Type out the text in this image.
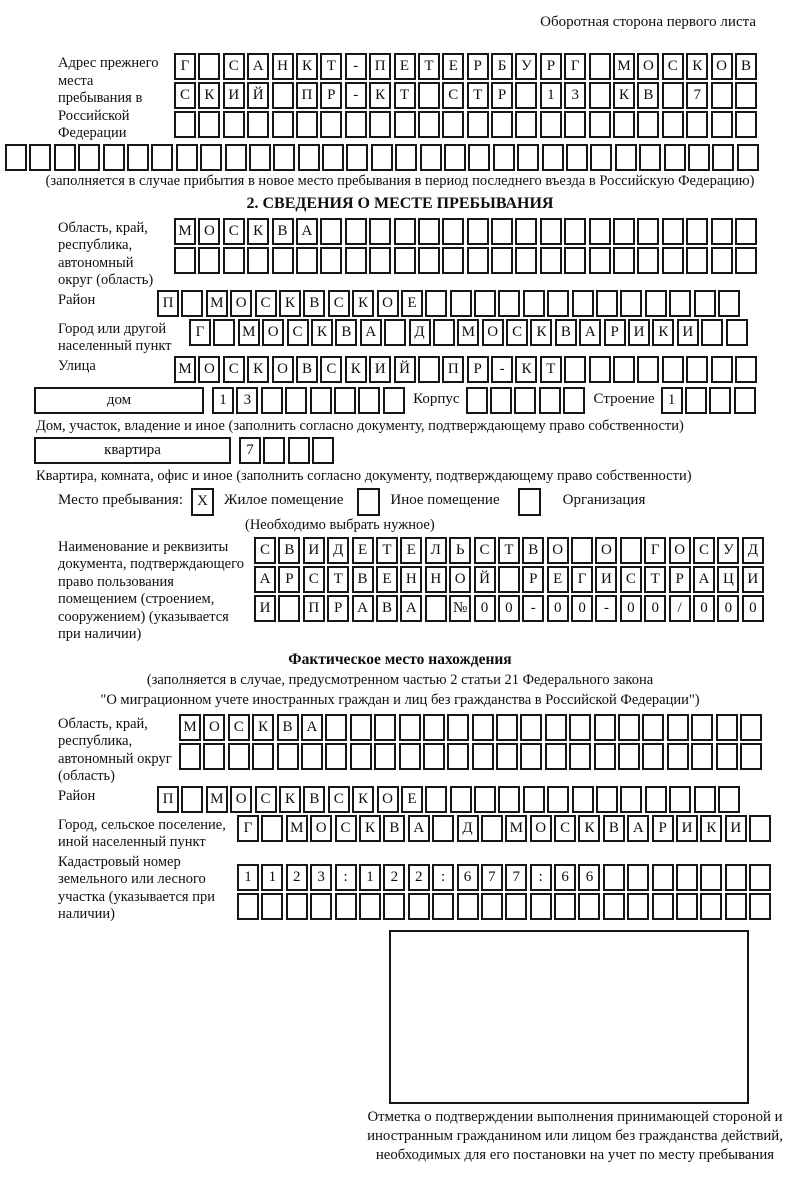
Оборотная сторона первого листа
Адрес прежнего места пребывания в Российской Федерации
Г	С А Н К Т	-	П Е	Т	Е	Р	Б У Р	Г	М О С К О В
С К И Й	П Р	-	К Т	С Т	Р	1	3	К В	7
(заполняется в случае прибытия в новое место пребывания в период последнего въезда в Российскую Федерацию)
2. СВЕДЕНИЯ О МЕСТЕ ПРЕБЫВАНИЯ
Область, край, республика, автономный округ (область)
М О С К В А
Район	П	М О С К В С К О Е
Город или другой населенный пункт
Г	М О С К В А	Д	М О С К В А Р И К И
Улица	М О С К О В С К И Й	П Р	-	К Т
дом	1	3	Корпус	Строение 1
Дом, участок, владение и иное (заполнить согласно документу, подтверждающему право собственности)
квартира	7
Квартира, комната, офис и иное (заполнить согласно документу, подтверждающему право собственности)
Место пребывания: X	Жилое помещение	Иное помещение	Организация
(Необходимо выбрать нужное)
Наименование и реквизиты документа, подтверждающего право пользования помещением (строением, сооружением) (указывается при наличии)
С В И Д Е	Т	Е Л Ь	С Т В О	О	Г О С У Д
А Р	С Т В Е Н Н О Й	Р	Е	Г И С Т	Р А Ц И
И	П Р А В А	№ 0	0	-	0	0	-	0	0	/	0	0	0
Фактическое место нахождения
(заполняется в случае, предусмотренном частью 2 статьи 21 Федерального закона
"О миграционном учете иностранных граждан и лиц без гражданства в Российской Федерации")
Область, край, республика, автономный округ (область)
М О С К В А
Район	П	М О С К В С К О Е
Город, сельское поселение, иной населенный пункт
Г	М О С К В А	Д	М О С К В А Р И К И
Кадастровый номер земельного или лесного участка (указывается при наличии)
1	1	2	3	:	1	2	2	:	6	7	7	:	6	6
Отметка о подтверждении выполнения принимающей стороной и иностранным гражданином или лицом без гражданства действий, необходимых для его постановки на учет по месту пребывания
